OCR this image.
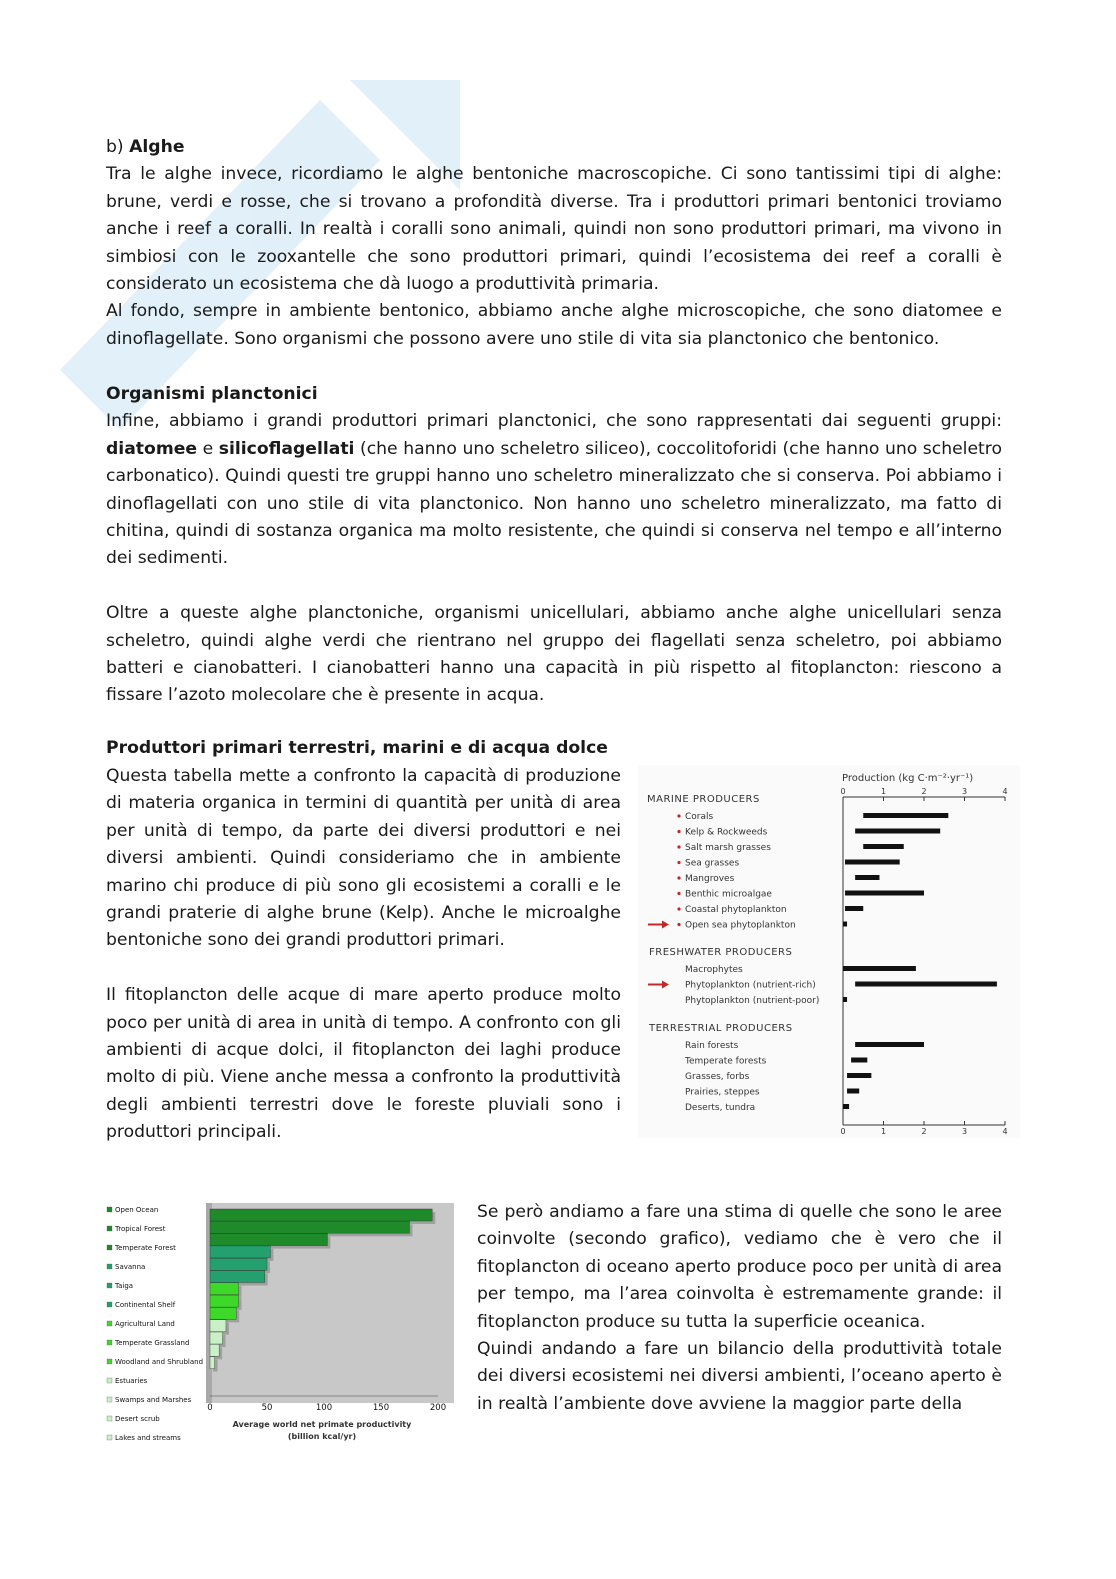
b) Alghe

Tra le alghe invece, ricordiamo le alghe bentoniche macroscopiche. Ci sono tantissimi tipi di alghe: brune, verdi e rosse, che si trovano a profondità diverse. Tra i produttori primari bentonici troviamo anche i reef a coralli. In realtà i coralli sono animali, quindi non sono produttori primari, ma vivono in simbiosi con le zooxantelle che sono produttori primari, quindi l’ecosistema dei reef a coralli è considerato un ecosistema che dà luogo a produttività primaria.

Al fondo, sempre in ambiente bentonico, abbiamo anche alghe microscopiche, che sono diatomee e dinoflagellate. Sono organismi che possono avere uno stile di vita sia planctonico che bentonico.

Organismi planctonici

Infine, abbiamo i grandi produttori primari planctonici, che sono rappresentati dai seguenti gruppi: diatomee e silicoflagellati (che hanno uno scheletro siliceo), coccolitoforidi (che hanno uno scheletro carbonatico). Quindi questi tre gruppi hanno uno scheletro mineralizzato che si conserva. Poi abbiamo i dinoflagellati con uno stile di vita planctonico. Non hanno uno scheletro mineralizzato, ma fatto di chitina, quindi di sostanza organica ma molto resistente, che quindi si conserva nel tempo e all’interno dei sedimenti.

Oltre a queste alghe planctoniche, organismi unicellulari, abbiamo anche alghe unicellulari senza scheletro, quindi alghe verdi che rientrano nel gruppo dei flagellati senza scheletro, poi abbiamo batteri e cianobatteri. I cianobatteri hanno una capacità in più rispetto al fitoplancton: riescono a fissare l’azoto molecolare che è presente in acqua.

Produttori primari terrestri, marini e di acqua dolce

Questa tabella mette a confronto la capacità di produzione di materia organica in termini di quantità per unità di area per unità di tempo, da parte dei diversi produttori e nei diversi ambienti. Quindi consideriamo che in ambiente marino chi produce di più sono gli ecosistemi a coralli e le grandi praterie di alghe brune (Kelp). Anche le microalghe bentoniche sono dei grandi produttori primari.

Il fitoplancton delle acque di mare aperto produce molto poco per unità di area in unità di tempo. A confronto con gli ambienti di acque dolci, il fitoplancton dei laghi produce molto di più. Viene anche messa a confronto la produttività degli ambienti terrestri dove le foreste pluviali sono i produttori principali.

Production (kg C·m⁻²·yr⁻¹)
0
0
1
1
2
2
3
3
4
4
MARINE PRODUCERS
Corals
Kelp & Rockweeds
Salt marsh grasses
Sea grasses
Mangroves
Benthic microalgae
Coastal phytoplankton
Open sea phytoplankton
FRESHWATER PRODUCERS
Macrophytes
Phytoplankton (nutrient-rich)
Phytoplankton (nutrient-poor)
TERRESTRIAL PRODUCERS
Rain forests
Temperate forests
Grasses, forbs
Prairies, steppes
Deserts, tundra

Se però andiamo a fare una stima di quelle che sono le aree coinvolte (secondo grafico), vediamo che è vero che il fitoplancton di oceano aperto produce poco per unità di area per tempo, ma l’area coinvolta è estremamente grande: il fitoplancton produce su tutta la superficie oceanica.

Quindi andando a fare un bilancio della produttività totale dei diversi ecosistemi nei diversi ambienti, l’oceano aperto è in realtà l’ambiente dove avviene la maggior parte della

Open Ocean
Tropical Forest
Temperate Forest
Savanna
Taiga
Continental Shelf
Agricultural Land
Temperate Grassland
Woodland and Shrubland
Estuaries
Swamps and Marshes
Desert scrub
Lakes and streams
0	50	100	150	200
Average world net primate productivity
(billion kcal/yr)
